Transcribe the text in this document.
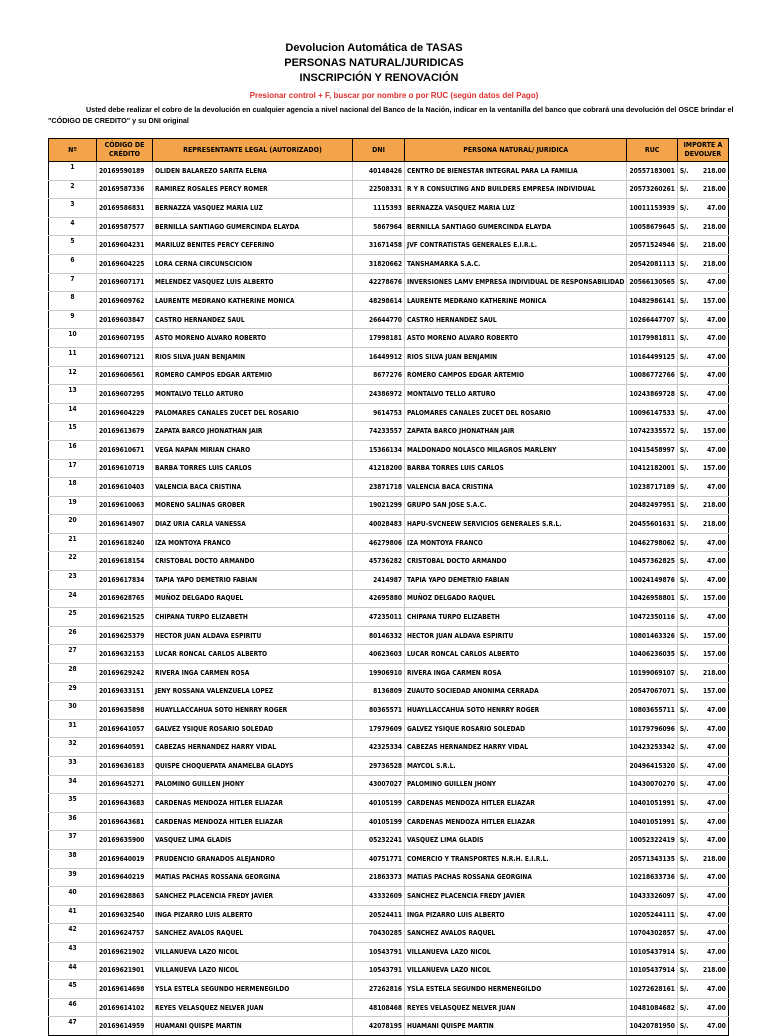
Devolucion Automática de TASAS
PERSONAS NATURAL/JURIDICAS
INSCRIPCIÓN Y RENOVACIÓN
Presionar control + F, buscar por nombre o por RUC (según datos del Pago)
Usted debe realizar el cobro de la devolución en cualquier agencia a nivel nacional del Banco de la Nación, indicar en la ventanilla del banco que cobrará una devolución del OSCE brindar el "CÓDIGO DE CREDITO" y su DNI original
Nº	CÓDIGO DE CRÉDITO	REPRESENTANTE LEGAL (AUTORIZADO)	DNI	PERSONA NATURAL/ JURIDICA	RUC	IMPORTE A DEVOLVER	
1	20169590189	OLIDEN BALAREZO SARITA ELENA	40148426	CENTRO DE BIENESTAR INTEGRAL PARA LA FAMILIA	20557183001	S/.	218.00
2	20169587336	RAMIREZ ROSALES PERCY ROMER	22508331	R Y R CONSULTING AND BUILDERS EMPRESA INDIVIDUAL	20573260261	S/.	218.00
3	20169586831	BERNAZZA VASQUEZ MARIA LUZ	1115393	BERNAZZA VASQUEZ MARIA LUZ	10011153939	S/.	47.00
4	20169587577	BERNILLA SANTIAGO GUMERCINDA ELAYDA	5867964	BERNILLA SANTIAGO GUMERCINDA ELAYDA	10058679645	S/.	218.00
5	20169604231	MARILUZ BENITES PERCY CEFERINO	31671458	JVF CONTRATISTAS GENERALES E.I.R.L.	20571524946	S/.	218.00
6	20169604225	LORA CERNA CIRCUNSCICION	31820662	TANSHAMARKA S.A.C.	20542081113	S/.	218.00
7	20169607171	MELENDEZ VASQUEZ LUIS ALBERTO	42278676	INVERSIONES LAMV EMPRESA INDIVIDUAL DE RESPONSABILIDAD	20566130565	S/.	47.00
8	20169609762	LAURENTE MEDRANO KATHERINE MONICA	48298614	LAURENTE MEDRANO KATHERINE MONICA	10482986141	S/.	157.00
9	20169603847	CASTRO HERNANDEZ SAUL	26644770	CASTRO HERNANDEZ SAUL	10266447707	S/.	47.00
10	20169607195	ASTO MORENO ALVARO ROBERTO	17998181	ASTO MORENO ALVARO ROBERTO	10179981811	S/.	47.00
11	20169607121	RIOS SILVA JUAN BENJAMIN	16449912	RIOS SILVA JUAN BENJAMIN	10164499125	S/.	47.00
12	20169606561	ROMERO CAMPOS EDGAR ARTEMIO	8677276	ROMERO CAMPOS EDGAR ARTEMIO	10086772766	S/.	47.00
13	20169607295	MONTALVO TELLO ARTURO	24386972	MONTALVO TELLO ARTURO	10243869728	S/.	47.00
14	20169604229	PALOMARES CANALES ZUCET DEL ROSARIO	9614753	PALOMARES CANALES ZUCET DEL ROSARIO	10096147533	S/.	47.00
15	20169613679	ZAPATA BARCO JHONATHAN JAIR	74233557	ZAPATA BARCO JHONATHAN JAIR	10742335572	S/.	157.00
16	20169610671	VEGA NAPAN MIRIAN CHARO	15366134	MALDONADO NOLASCO MILAGROS MARLENY	10415458997	S/.	47.00
17	20169610719	BARBA TORRES LUIS CARLOS	41218200	BARBA TORRES LUIS CARLOS	10412182001	S/.	157.00
18	20169610403	VALENCIA BACA CRISTINA	23871718	VALENCIA BACA CRISTINA	10238717189	S/.	47.00
19	20169610063	MORENO SALINAS GROBER	19021299	GRUPO SAN JOSE S.A.C.	20482497951	S/.	218.00
20	20169614907	DIAZ URIA CARLA VANESSA	40028483	HAPU-SVCNEEW SERVICIOS GENERALES S.R.L.	20455601631	S/.	218.00
21	20169618240	IZA MONTOYA FRANCO	46279806	IZA MONTOYA FRANCO	10462798062	S/.	47.00
22	20169618154	CRISTOBAL DOCTO ARMANDO	45736282	CRISTOBAL DOCTO ARMANDO	10457362825	S/.	47.00
23	20169617834	TAPIA YAPO DEMETRIO FABIAN	2414987	TAPIA YAPO DEMETRIO FABIAN	10024149876	S/.	47.00
24	20169628765	MUÑOZ DELGADO RAQUEL	42695880	MUÑOZ DELGADO RAQUEL	10426958801	S/.	157.00
25	20169621525	CHIPANA TURPO ELIZABETH	47235011	CHIPANA TURPO ELIZABETH	10472350116	S/.	47.00
26	20169625379	HECTOR JUAN ALDAVA ESPIRITU	80146332	HECTOR JUAN ALDAVA ESPIRITU	10801463326	S/.	157.00
27	20169632153	LUCAR RONCAL CARLOS ALBERTO	40623603	LUCAR RONCAL CARLOS ALBERTO	10406236035	S/.	157.00
28	20169629242	RIVERA INGA CARMEN ROSA	19906910	RIVERA INGA CARMEN ROSA	10199069107	S/.	218.00
29	20169633151	JENY ROSSANA VALENZUELA LOPEZ	8136809	ZUAUTO SOCIEDAD ANONIMA CERRADA	20547067071	S/.	157.00
30	20169635898	HUAYLLACCAHUA SOTO HENRRY ROGER	80365571	HUAYLLACCAHUA SOTO HENRRY ROGER	10803655711	S/.	47.00
31	20169641057	GALVEZ YSIQUE ROSARIO SOLEDAD	17979609	GALVEZ YSIQUE ROSARIO SOLEDAD	10179796096	S/.	47.00
32	20169640591	CABEZAS HERNANDEZ HARRY VIDAL	42325334	CABEZAS HERNANDEZ HARRY VIDAL	10423253342	S/.	47.00
33	20169636183	QUISPE CHOQUEPATA ANAMELBA GLADYS	29736528	MAYCOL S.R.L.	20496415320	S/.	47.00
34	20169645271	PALOMINO GUILLEN JHONY	43007027	PALOMINO GUILLEN JHONY	10430070270	S/.	47.00
35	20169643683	CARDENAS MENDOZA HITLER ELIAZAR	40105199	CARDENAS MENDOZA HITLER ELIAZAR	10401051991	S/.	47.00
36	20169643681	CARDENAS MENDOZA HITLER ELIAZAR	40105199	CARDENAS MENDOZA HITLER ELIAZAR	10401051991	S/.	47.00
37	20169635900	VASQUEZ LIMA GLADIS	05232241	VASQUEZ LIMA GLADIS	10052322419	S/.	47.00
38	20169640019	PRUDENCIO GRANADOS ALEJANDRO	40751771	COMERCIO Y TRANSPORTES N.R.H. E.I.R.L.	20571343135	S/.	218.00
39	20169640219	MATIAS PACHAS ROSSANA GEORGINA	21863373	MATIAS PACHAS ROSSANA GEORGINA	10218633736	S/.	47.00
40	20169628863	SANCHEZ PLACENCIA FREDY JAVIER	43332609	SANCHEZ PLACENCIA FREDY JAVIER	10433326097	S/.	47.00
41	20169632540	INGA PIZARRO LUIS ALBERTO	20524411	INGA PIZARRO LUIS ALBERTO	10205244111	S/.	47.00
42	20169624757	SANCHEZ AVALOS RAQUEL	70430285	SANCHEZ AVALOS RAQUEL	10704302857	S/.	47.00
43	20169621902	VILLANUEVA LAZO NICOL	10543791	VILLANUEVA LAZO NICOL	10105437914	S/.	47.00
44	20169621901	VILLANUEVA LAZO NICOL	10543791	VILLANUEVA LAZO NICOL	10105437914	S/.	218.00
45	20169614698	YSLA ESTELA SEGUNDO HERMENEGILDO	27262816	YSLA ESTELA SEGUNDO HERMENEGILDO	10272628161	S/.	47.00
46	20169614102	REYES VELASQUEZ NELVER JUAN	48108468	REYES VELASQUEZ NELVER JUAN	10481084682	S/.	47.00
47	20169614959	HUAMANI QUISPE MARTIN	42078195	HUAMANI QUISPE MARTIN	10420781950	S/.	47.00
